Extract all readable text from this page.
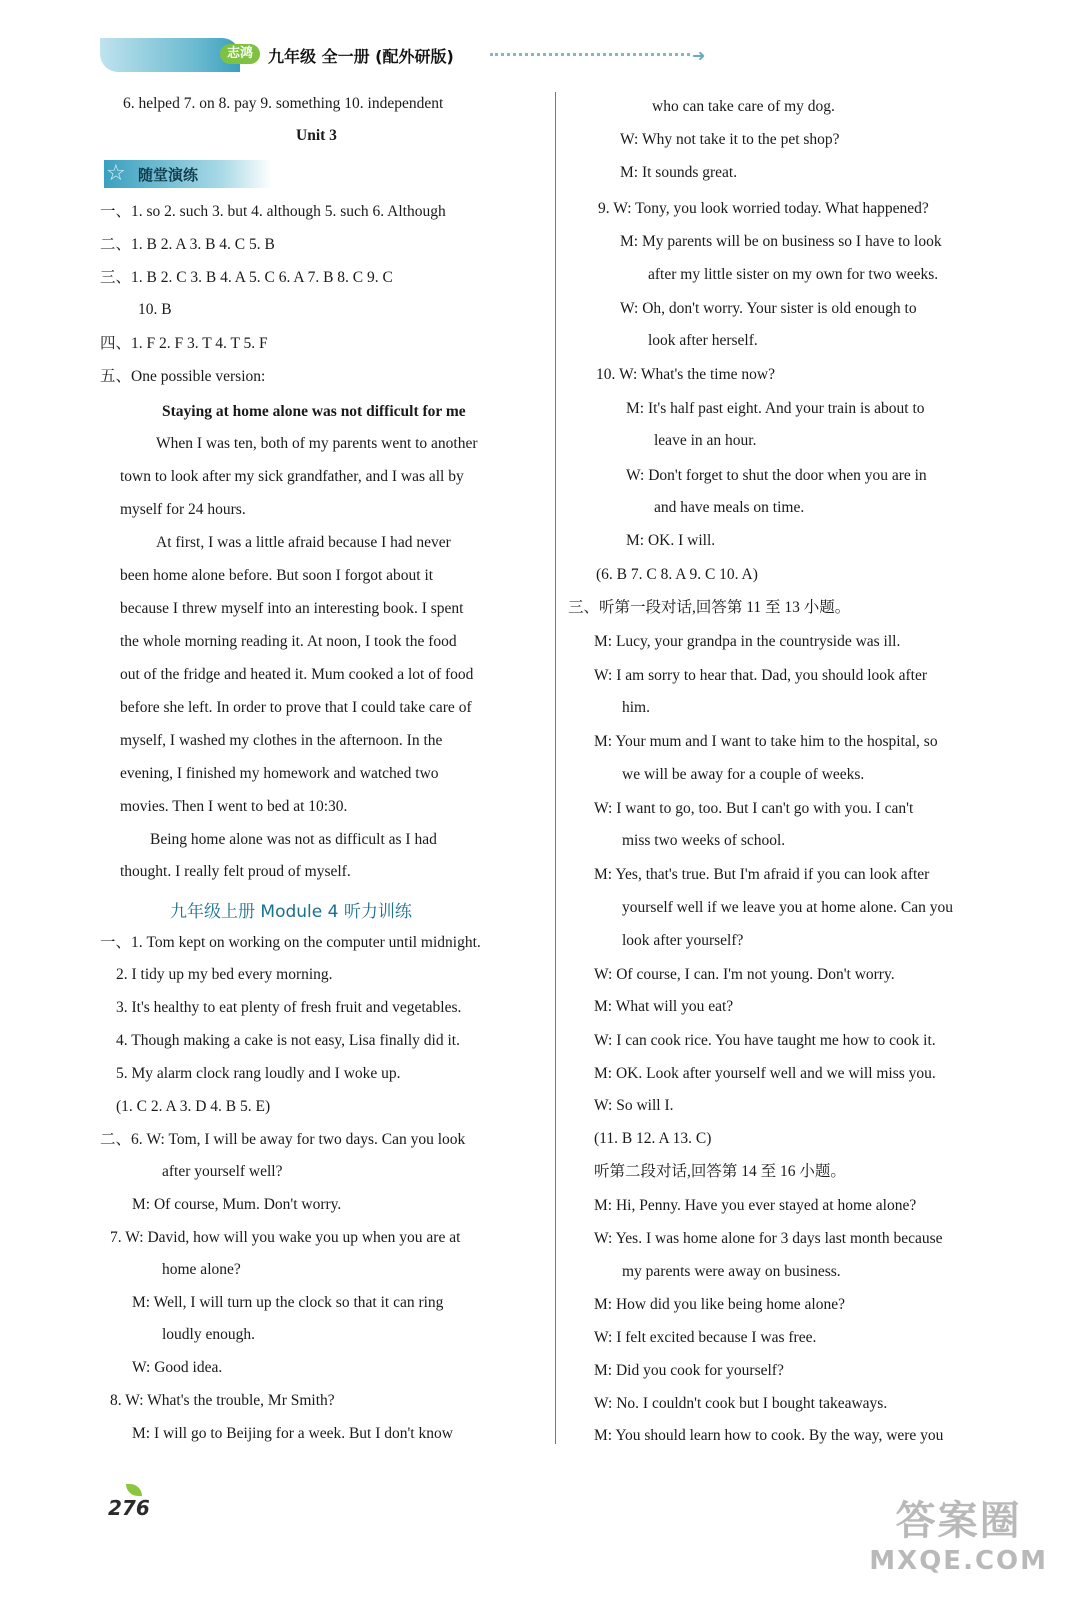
志鸿 九年级 全一册 (配外研版)	➜
☆ 随堂演练
九年级上册 Module 4 听力训练
6. helped 7. on 8. pay 9. something 10. independent
Unit 3
一、1. so 2. such 3. but 4. although 5. such 6. Although
二、1. B 2. A 3. B 4. C 5. B
三、1. B 2. C 3. B 4. A 5. C 6. A 7. B 8. C 9. C
10. B
四、1. F 2. F 3. T 4. T 5. F
五、One possible version:
Staying at home alone was not difficult for me
When I was ten, both of my parents went to another
town to look after my sick grandfather, and I was all by
myself for 24 hours.
At first, I was a little afraid because I had never
been home alone before. But soon I forgot about it
because I threw myself into an interesting book. I spent
the whole morning reading it. At noon, I took the food
out of the fridge and heated it. Mum cooked a lot of food
before she left. In order to prove that I could take care of
myself, I washed my clothes in the afternoon. In the
evening, I finished my homework and watched two
movies. Then I went to bed at 10:30.
Being home alone was not as difficult as I had
thought. I really felt proud of myself.
一、1. Tom kept on working on the computer until midnight.
2. I tidy up my bed every morning.
3. It's healthy to eat plenty of fresh fruit and vegetables.
4. Though making a cake is not easy, Lisa finally did it.
5. My alarm clock rang loudly and I woke up.
(1. C 2. A 3. D 4. B 5. E)
二、6. W: Tom, I will be away for two days. Can you look
after yourself well?
M: Of course, Mum. Don't worry.
7. W: David, how will you wake you up when you are at
home alone?
M: Well, I will turn up the clock so that it can ring
loudly enough.
W: Good idea.
8. W: What's the trouble, Mr Smith?
M: I will go to Beijing for a week. But I don't know
who can take care of my dog.
W: Why not take it to the pet shop?
M: It sounds great.
9. W: Tony, you look worried today. What happened?
M: My parents will be on business so I have to look
after my little sister on my own for two weeks.
W: Oh, don't worry. Your sister is old enough to
look after herself.
10. W: What's the time now?
M: It's half past eight. And your train is about to
leave in an hour.
W: Don't forget to shut the door when you are in
and have meals on time.
M: OK. I will.
(6. B 7. C 8. A 9. C 10. A)
三、听第一段对话,回答第 11 至 13 小题。
M: Lucy, your grandpa in the countryside was ill.
W: I am sorry to hear that. Dad, you should look after
him.
M: Your mum and I want to take him to the hospital, so
we will be away for a couple of weeks.
W: I want to go, too. But I can't go with you. I can't
miss two weeks of school.
M: Yes, that's true. But I'm afraid if you can look after
yourself well if we leave you at home alone. Can you
look after yourself?
W: Of course, I can. I'm not young. Don't worry.
M: What will you eat?
W: I can cook rice. You have taught me how to cook it.
M: OK. Look after yourself well and we will miss you.
W: So will I.
(11. B 12. A 13. C)
听第二段对话,回答第 14 至 16 小题。
M: Hi, Penny. Have you ever stayed at home alone?
W: Yes. I was home alone for 3 days last month because
my parents were away on business.
M: How did you like being home alone?
W: I felt excited because I was free.
M: Did you cook for yourself?
W: No. I couldn't cook but I bought takeaways.
M: You should learn how to cook. By the way, were you
276	答案圈
MXQE.COM
